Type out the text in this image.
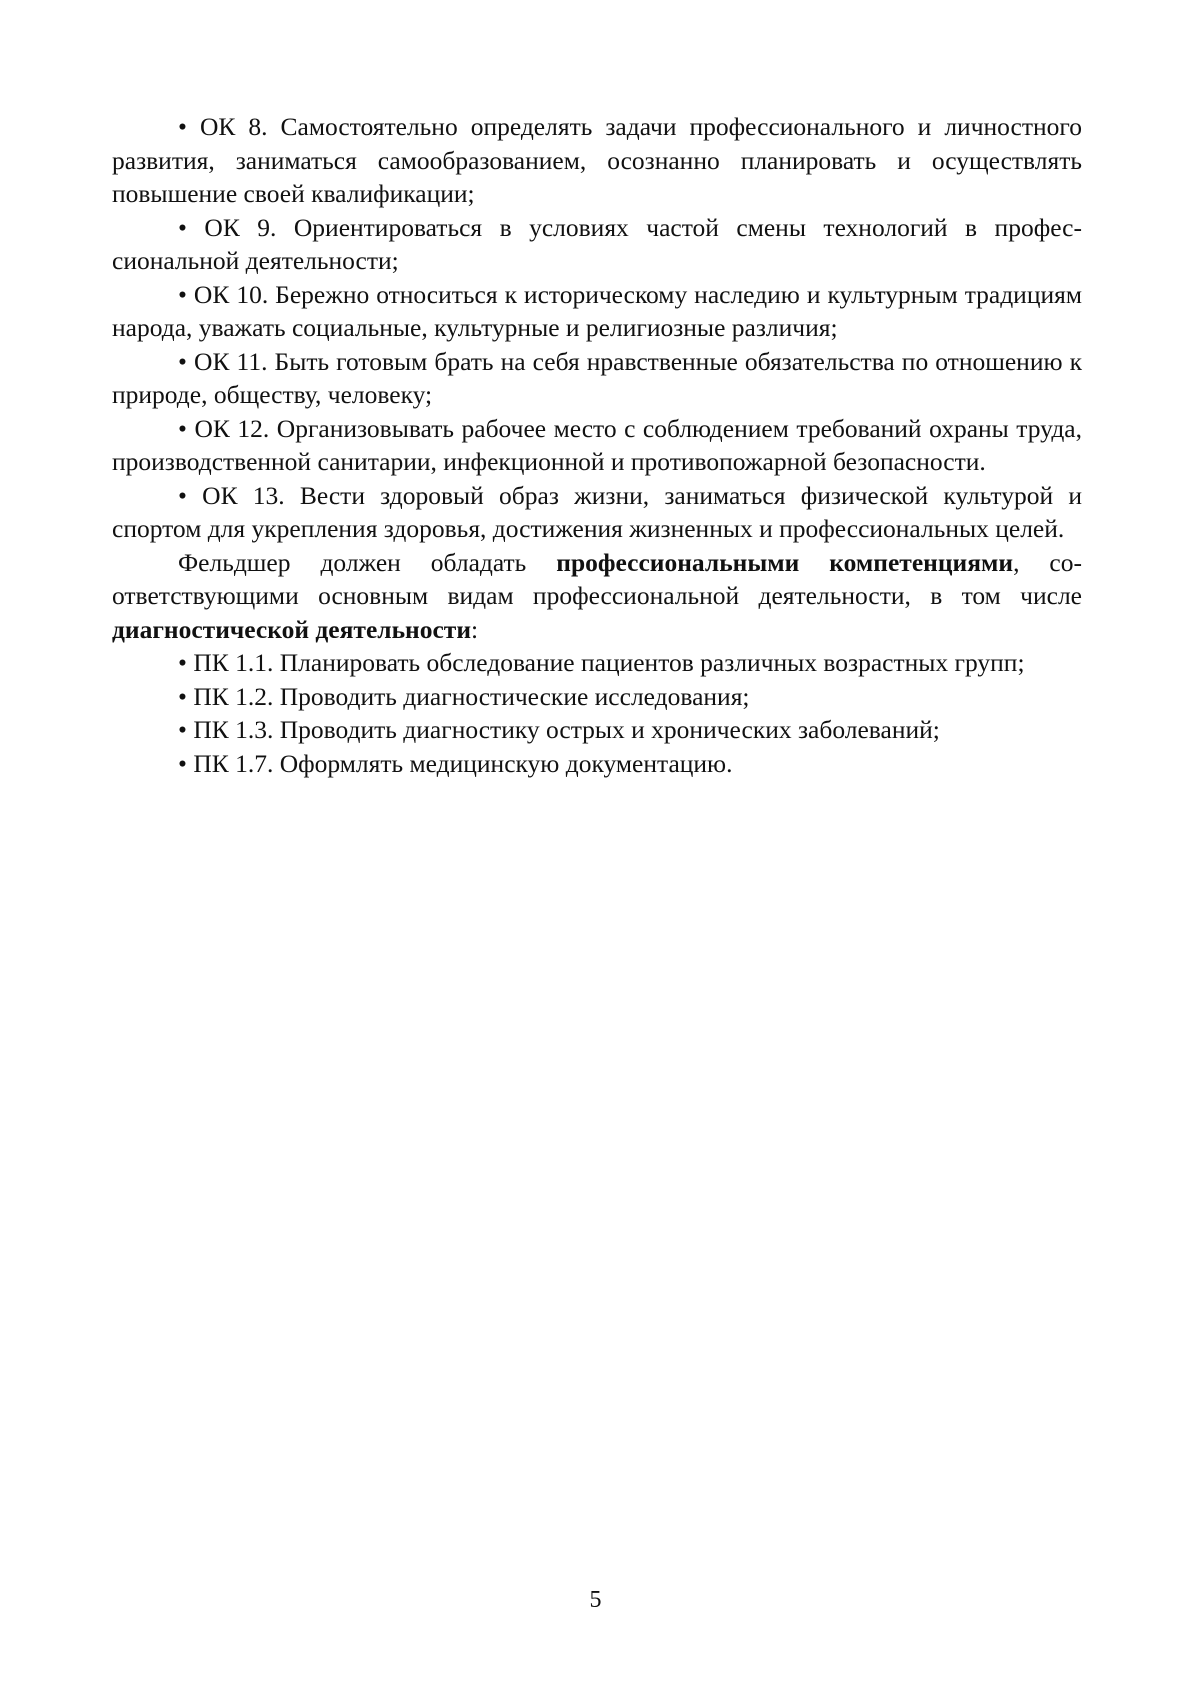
• ОК 8. Самостоятельно определять задачи профессионального и личностного развития, заниматься самообразованием, осознанно планировать и осуществлять повышение своей квалификации;

• ОК 9. Ориентироваться в условиях частой смены технологий в профессиональной деятельности;

• ОК 10. Бережно относиться к историческому наследию и культурным традициям народа, уважать социальные, культурные и религиозные различия;

• ОК 11. Быть готовым брать на себя нравственные обязательства по отношению к природе, обществу, человеку;

• ОК 12. Организовывать рабочее место с соблюдением требований охраны труда, производственной санитарии, инфекционной и противопожарной безопасности.

• ОК 13. Вести здоровый образ жизни, заниматься физической культурой и спортом для укрепления здоровья, достижения жизненных и профессиональных целей.

Фельдшер должен обладать профессиональными компетенциями, соответствующими основным видам профессиональной деятельности, в том числе диагностической деятельности:

• ПК 1.1. Планировать обследование пациентов различных возрастных групп;

• ПК 1.2. Проводить диагностические исследования;

• ПК 1.3. Проводить диагностику острых и хронических заболеваний;

• ПК 1.7. Оформлять медицинскую документацию.

5
